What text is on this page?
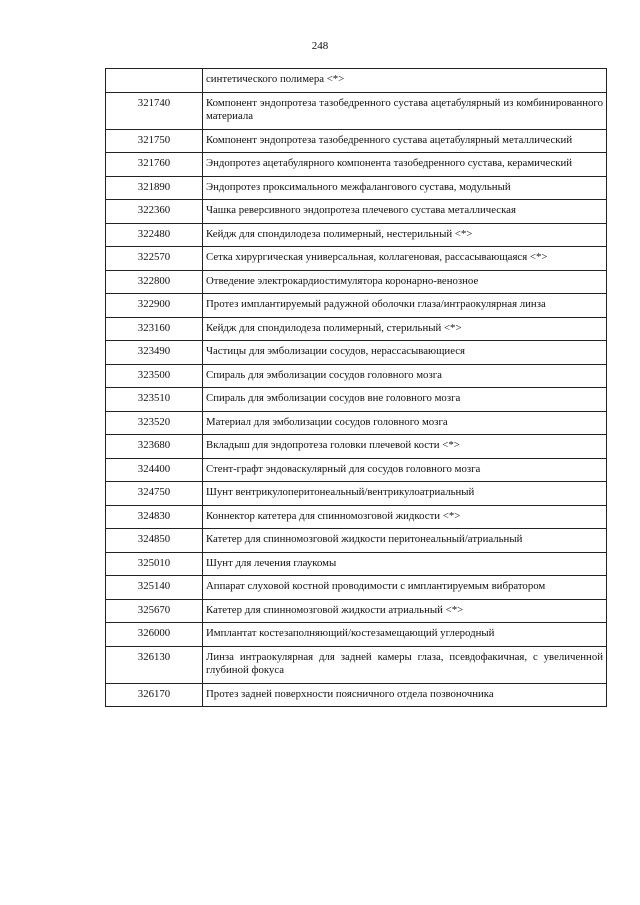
248
	синтетического полимера <*>
321740	Компонент эндопротеза тазобедренного сустава ацетабулярный из комбинированного материала
321750	Компонент эндопротеза тазобедренного сустава ацетабулярный металлический
321760	Эндопротез ацетабулярного компонента тазобедренного сустава, керамический
321890	Эндопротез проксимального межфалангового сустава, модульный
322360	Чашка реверсивного эндопротеза плечевого сустава металлическая
322480	Кейдж для спондилодеза полимерный, нестерильный <*>
322570	Сетка хирургическая универсальная, коллагеновая, рассасывающаяся <*>
322800	Отведение электрокардиостимулятора коронарно-венозное
322900	Протез имплантируемый радужной оболочки глаза/интраокулярная линза
323160	Кейдж для спондилодеза полимерный, стерильный <*>
323490	Частицы для эмболизации сосудов, нерассасывающиеся
323500	Спираль для эмболизации сосудов головного мозга
323510	Спираль для эмболизации сосудов вне головного мозга
323520	Материал для эмболизации сосудов головного мозга
323680	Вкладыш для эндопротеза головки плечевой кости <*>
324400	Стент-графт эндоваскулярный для сосудов головного мозга
324750	Шунт вентрикулоперитонеальный/вентрикулоатриальный
324830	Коннектор катетера для спинномозговой жидкости <*>
324850	Катетер для спинномозговой жидкости перитонеальный/атриальный
325010	Шунт для лечения глаукомы
325140	Аппарат слуховой костной проводимости с имплантируемым вибратором
325670	Катетер для спинномозговой жидкости атриальный <*>
326000	Имплантат костезаполняющий/костезамещающий углеродный
326130	Линза интраокулярная для задней камеры глаза, псевдофакичная, с увеличенной глубиной фокуса
326170	Протез задней поверхности поясничного отдела позвоночника
